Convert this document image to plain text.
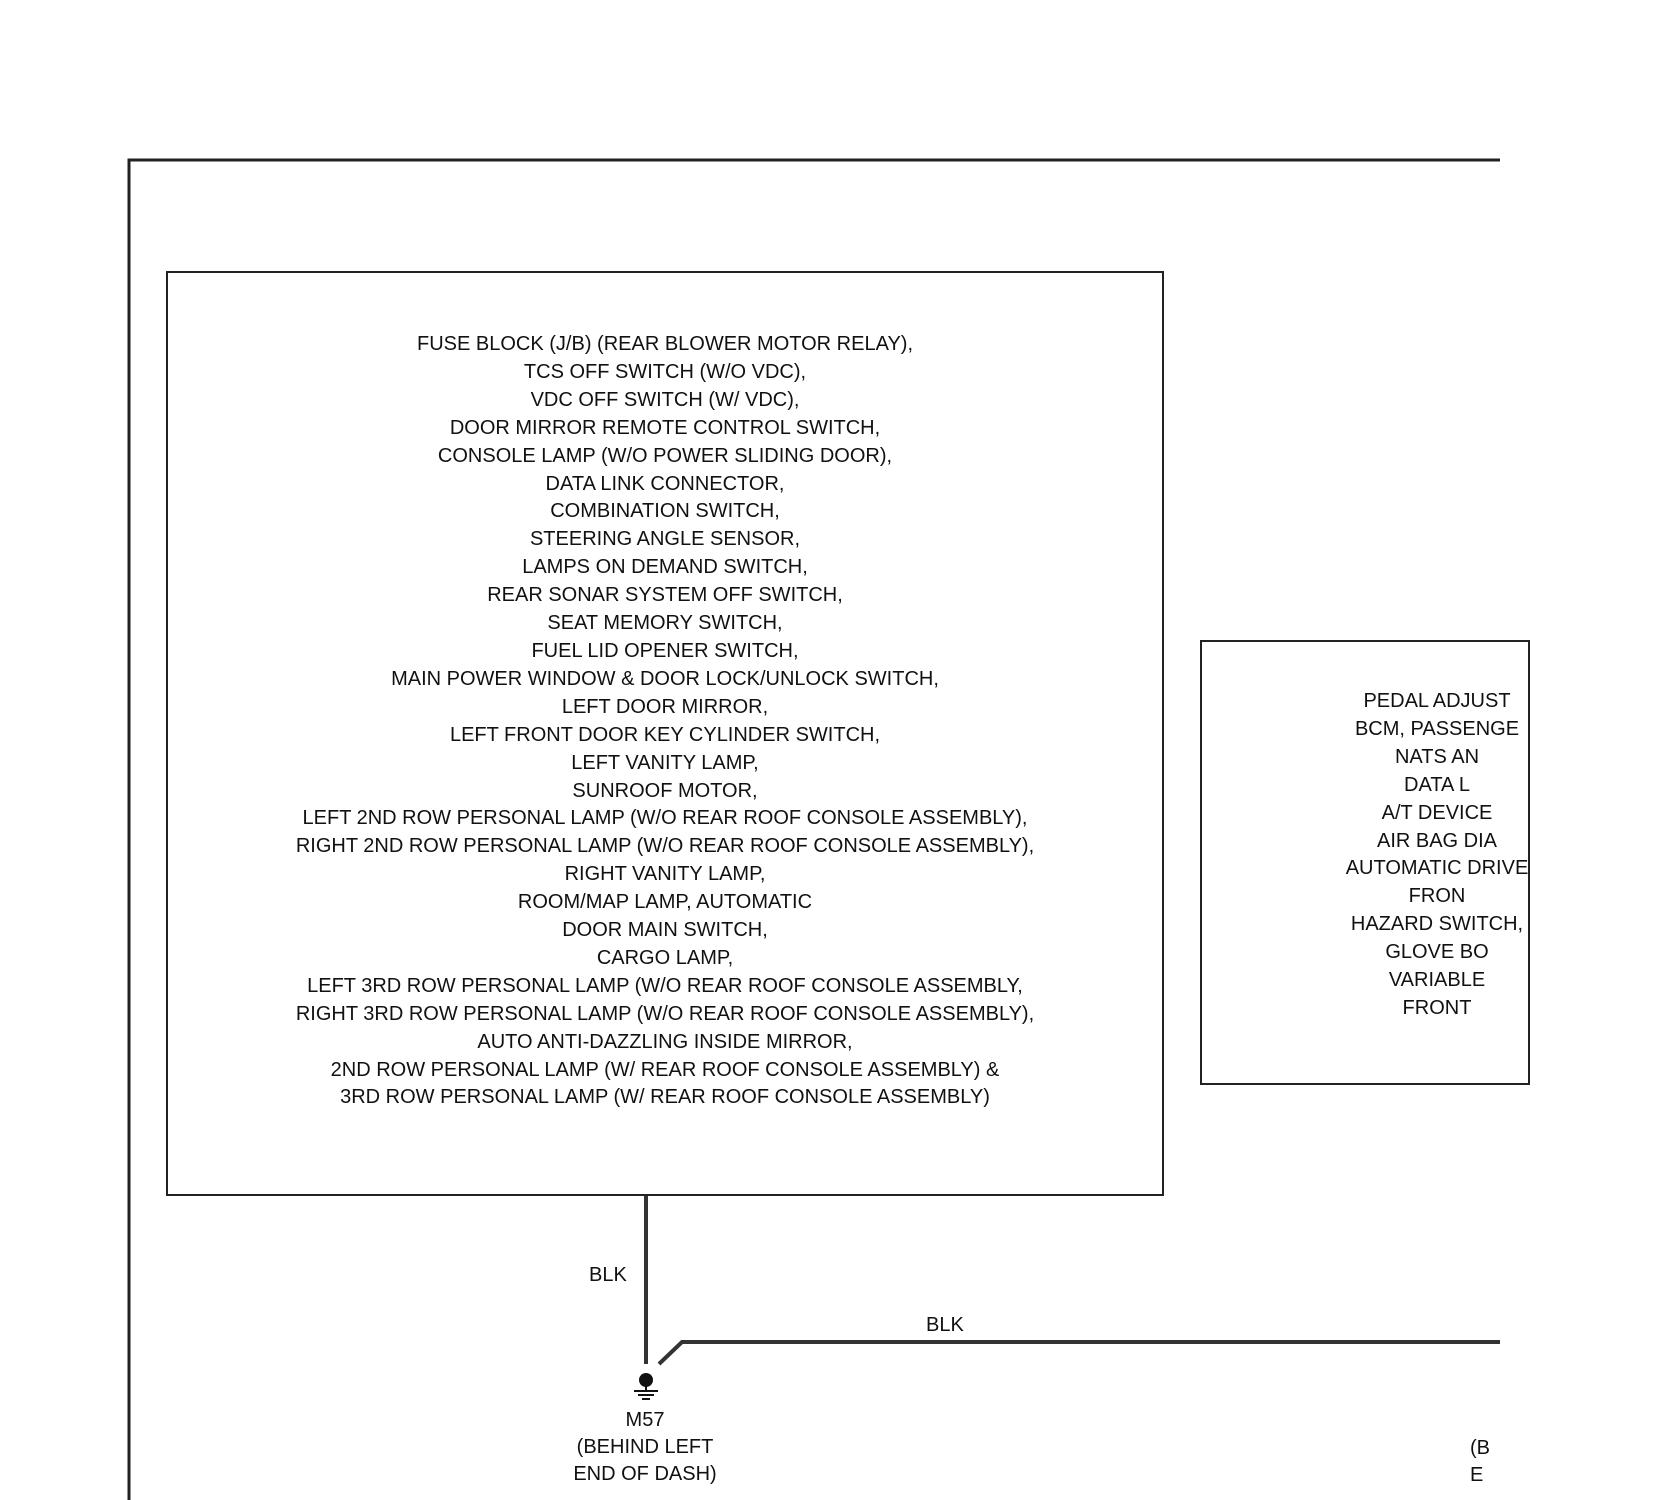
FUSE BLOCK (J/B) (REAR BLOWER MOTOR RELAY),
TCS OFF SWITCH (W/O VDC),
VDC OFF SWITCH (W/ VDC),
DOOR MIRROR REMOTE CONTROL SWITCH,
CONSOLE LAMP (W/O POWER SLIDING DOOR),
DATA LINK CONNECTOR,
COMBINATION SWITCH,
STEERING ANGLE SENSOR,
LAMPS ON DEMAND SWITCH,
REAR SONAR SYSTEM OFF SWITCH,
SEAT MEMORY SWITCH,
FUEL LID OPENER SWITCH,
MAIN POWER WINDOW & DOOR LOCK/UNLOCK SWITCH,
LEFT DOOR MIRROR,
LEFT FRONT DOOR KEY CYLINDER SWITCH,
LEFT VANITY LAMP,
SUNROOF MOTOR,
LEFT 2ND ROW PERSONAL LAMP (W/O REAR ROOF CONSOLE ASSEMBLY),
RIGHT 2ND ROW PERSONAL LAMP (W/O REAR ROOF CONSOLE ASSEMBLY),
RIGHT VANITY LAMP,
ROOM/MAP LAMP, AUTOMATIC
DOOR MAIN SWITCH,
CARGO LAMP,
LEFT 3RD ROW PERSONAL LAMP (W/O REAR ROOF CONSOLE ASSEMBLY,
RIGHT 3RD ROW PERSONAL LAMP (W/O REAR ROOF CONSOLE ASSEMBLY),
AUTO ANTI-DAZZLING INSIDE MIRROR,
2ND ROW PERSONAL LAMP (W/ REAR ROOF CONSOLE ASSEMBLY) &
3RD ROW PERSONAL LAMP (W/ REAR ROOF CONSOLE ASSEMBLY)
PEDAL ADJUST
BCM, PASSENGE
NATS AN
DATA L
A/T DEVICE
AIR BAG DIA
AUTOMATIC DRIVE
FRON
HAZARD SWITCH,
GLOVE BO
VARIABLE
FRONT
BLK
BLK
M57
(BEHIND LEFT
END OF DASH)
(B
E
